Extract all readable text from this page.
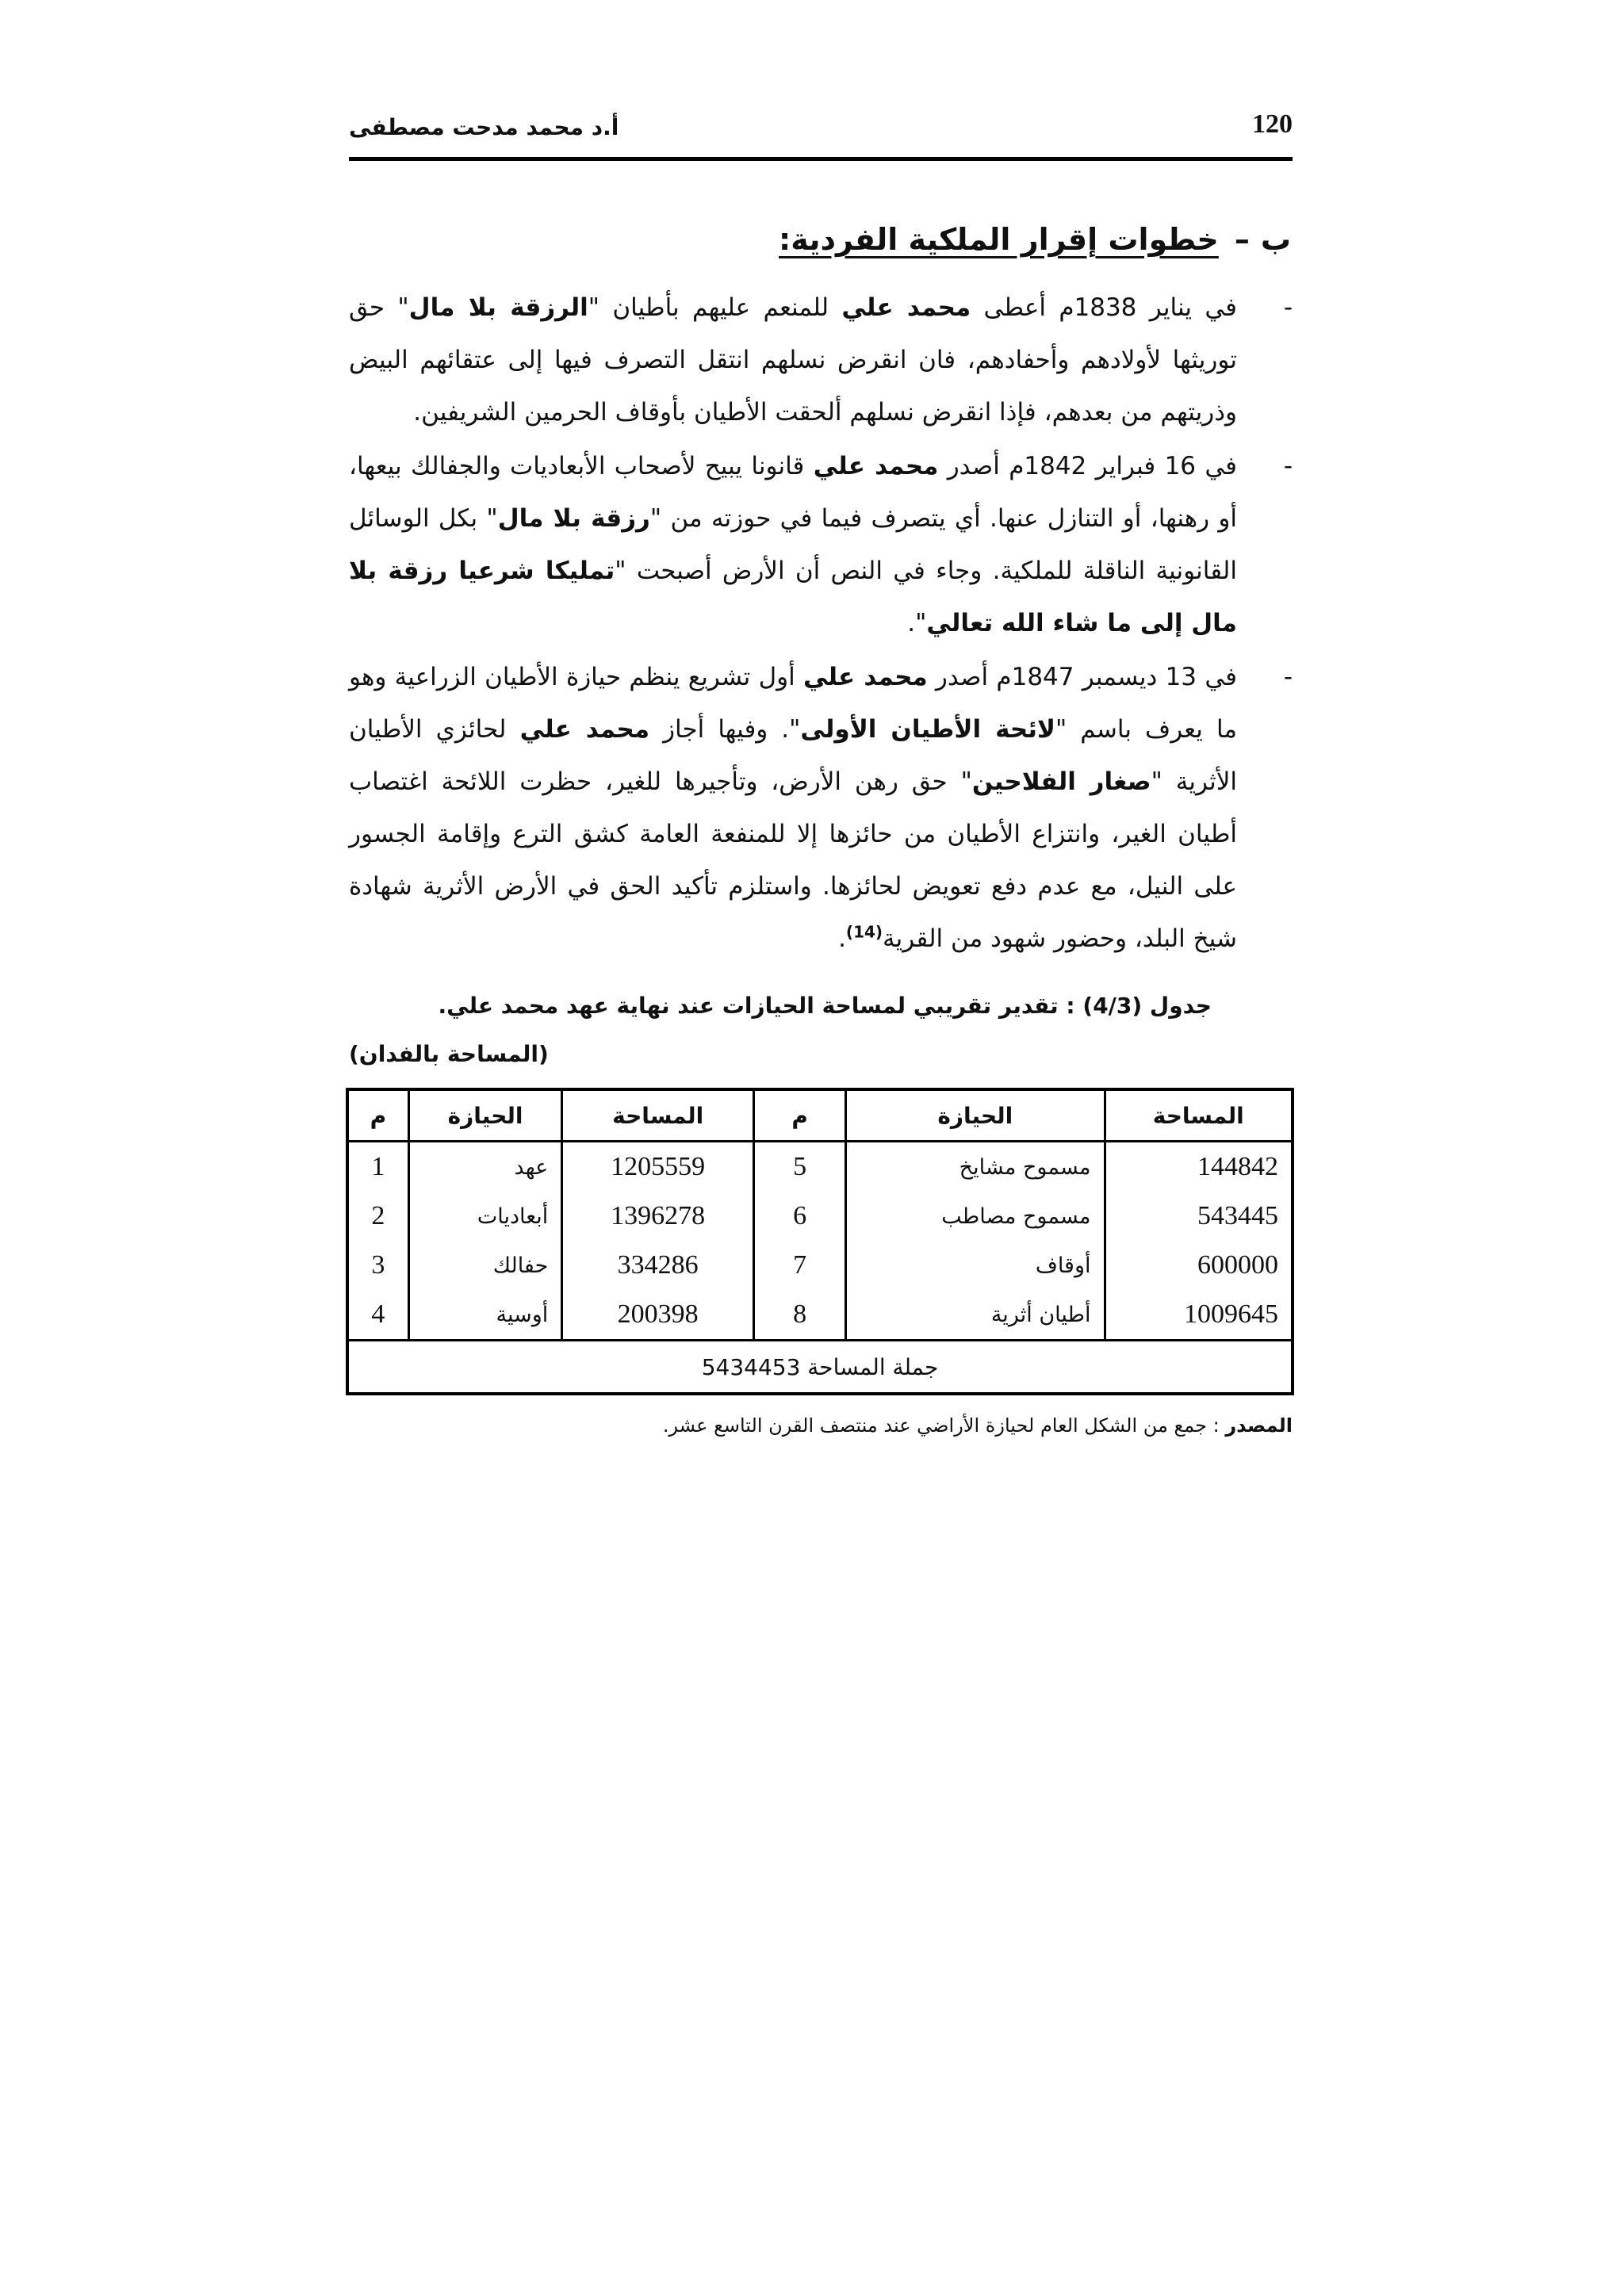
أ.د محمد مدحت مصطفى	120
ب–خطوات إقرار الملكية الفردية:

-
في يناير 1838م أعطى محمد علي للمنعم عليهم بأطيان "الرزقة بلا مال" حق توريثها لأولادهم وأحفادهم، فان انقرض نسلهم انتقل التصرف فيها إلى عتقائهم البيض وذريتهم من بعدهم، فإذا انقرض نسلهم ألحقت الأطيان بأوقاف الحرمين الشريفين.

-
في 16 فبراير 1842م أصدر محمد علي قانونا يبيح لأصحاب الأبعاديات والجفالك بيعها، أو رهنها، أو التنازل عنها. أي يتصرف فيما في حوزته من "رزقة بلا مال" بكل الوسائل القانونية الناقلة للملكية. وجاء في النص أن الأرض أصبحت "تمليكا شرعيا رزقة بلا مال إلى ما شاء الله تعالي".

-
في 13 ديسمبر 1847م أصدر محمد علي أول تشريع ينظم حيازة الأطيان الزراعية وهو ما يعرف باسم "لائحة الأطيان الأولى". وفيها أجاز محمد علي لحائزي الأطيان الأثرية "صغار الفلاحين" حق رهن الأرض، وتأجيرها للغير، حظرت اللائحة اغتصاب أطيان الغير، وانتزاع الأطيان من حائزها إلا للمنفعة العامة كشق الترع وإقامة الجسور على النيل، مع عدم دفع تعويض لحائزها. واستلزم تأكيد الحق في الأرض الأثرية شهادة شيخ البلد، وحضور شهود من القرية$^{(14)}$.

جدول (4/3) : تقدير تقريبي لمساحة الحيازات عند نهاية عهد محمد علي.
(المساحة بالفدان)
م	الحيازة	المساحة	م	الحيازة	المساحة
1	عهد	1205559	5	مسموح مشايخ	144842
2	أبعاديات	1396278	6	مسموح مصاطب	543445
3	حفالك	334286	7	أوقاف	600000
4	أوسية	200398	8	أطيان أثرية	1009645
جملة المساحة 5434453					
المصدر : جمع من الشكل العام لحيازة الأراضي عند منتصف القرن التاسع عشر.
